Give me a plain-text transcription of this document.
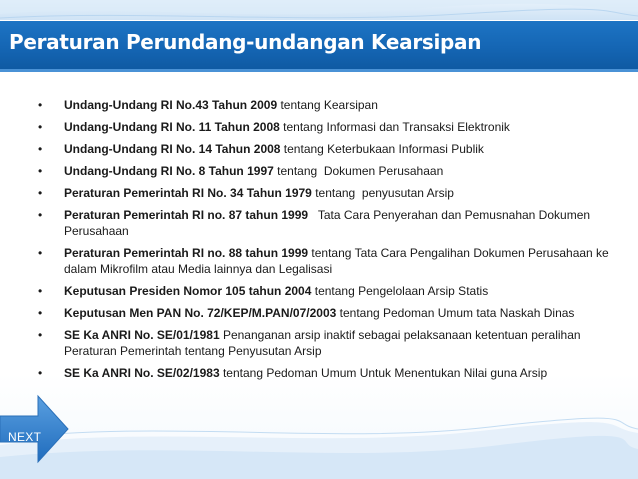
Peraturan Perundang-undangan Kearsipan
• Undang-Undang RI No.43 Tahun 2009 tentang Kearsipan
• Undang-Undang RI No. 11 Tahun 2008 tentang Informasi dan Transaksi Elektronik
• Undang-Undang RI No. 14 Tahun 2008 tentang Keterbukaan Informasi Publik
• Undang-Undang RI No. 8 Tahun 1997 tentang  Dokumen Perusahaan
• Peraturan Pemerintah RI No. 34 Tahun 1979 tentang  penyusutan Arsip
• Peraturan Pemerintah RI no. 87 tahun 1999   Tata Cara Penyerahan dan Pemusnahan Dokumen Perusahaan
• Peraturan Pemerintah RI no. 88 tahun 1999 tentang Tata Cara Pengalihan Dokumen Perusahaan ke dalam Mikrofilm atau Media lainnya dan Legalisasi
• Keputusan Presiden Nomor 105 tahun 2004 tentang Pengelolaan Arsip Statis
• Keputusan Men PAN No. 72/KEP/M.PAN/07/2003 tentang Pedoman Umum tata Naskah Dinas
• SE Ka ANRI No. SE/01/1981 Penanganan arsip inaktif sebagai pelaksanaan ketentuan peralihan Peraturan Pemerintah tentang Penyusutan Arsip
• SE Ka ANRI No. SE/02/1983 tentang Pedoman Umum Untuk Menentukan Nilai guna Arsip
NEXT
